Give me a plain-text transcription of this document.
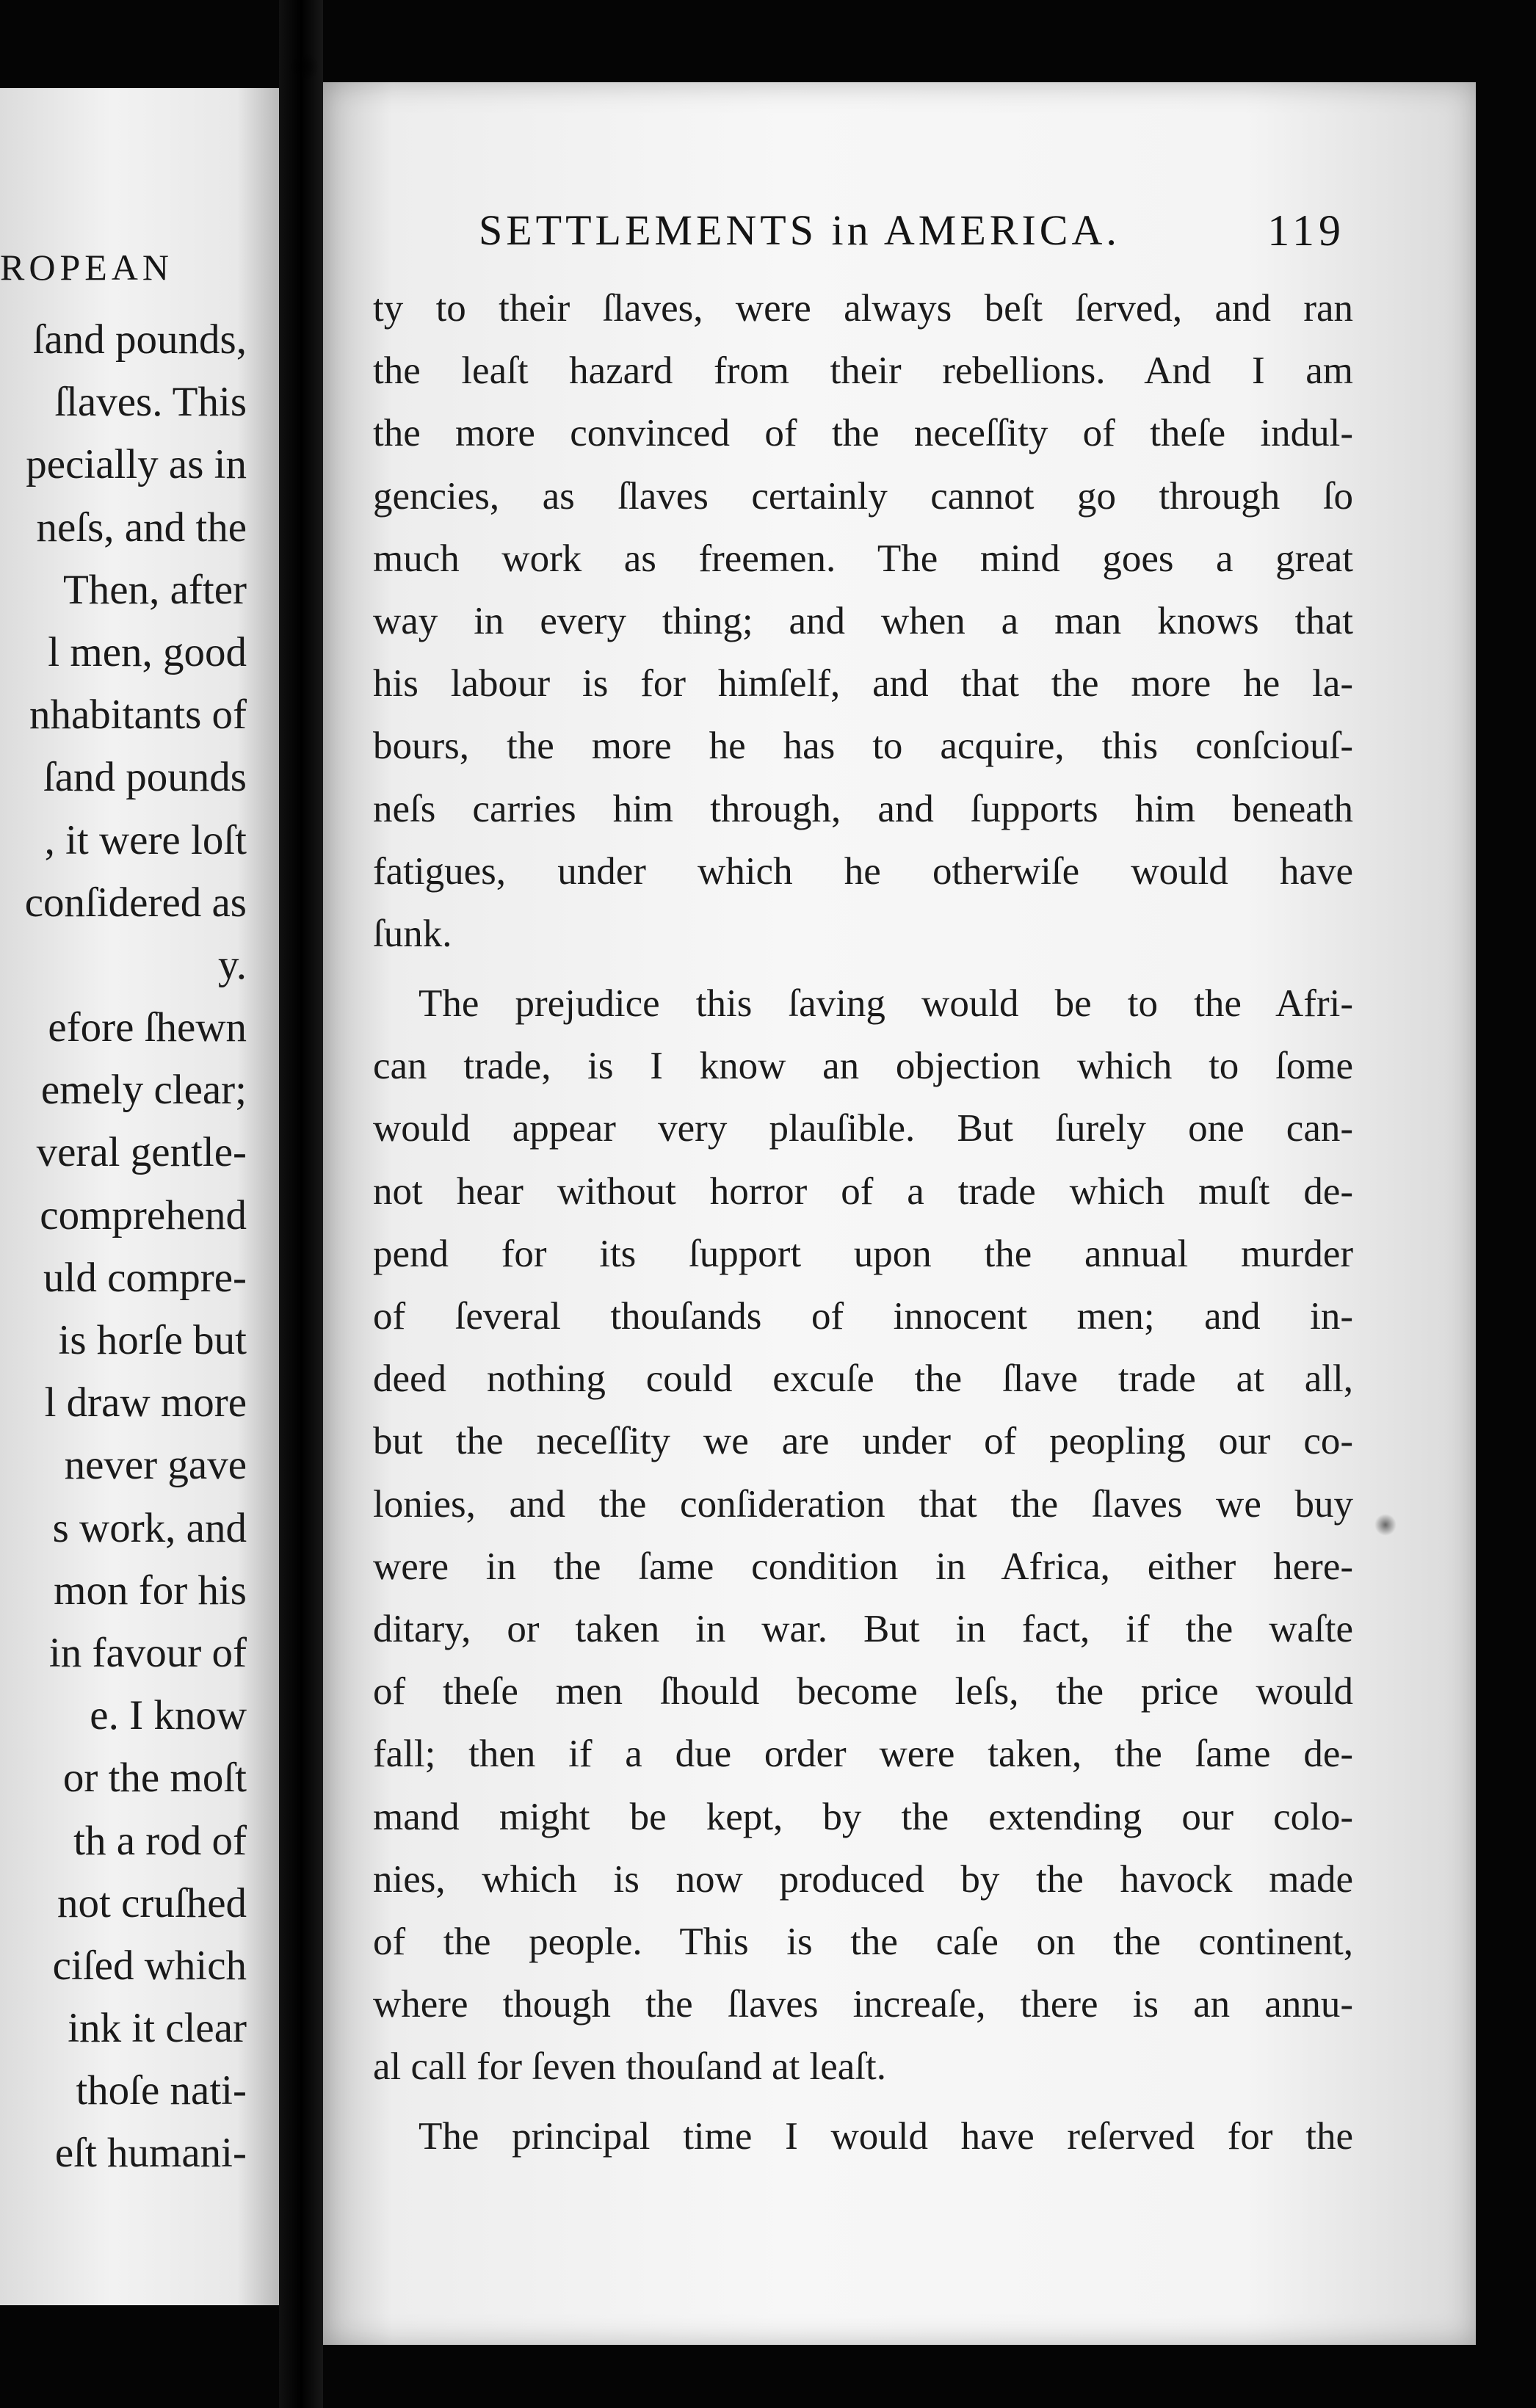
ROPEAN
ſand pounds,
ſlaves. This
pecially as in
neſs, and the
Then, after
l men, good
nhabitants of
ſand pounds
, it were loſt
conſidered as
y.
efore ſhewn
emely clear;
veral gentle-
comprehend
uld compre-
is horſe but
l draw more
never gave
s work, and
mon for his
in favour of
e. I know
or the moſt
th a rod of
not cruſhed
ciſed which
ink it clear
thoſe nati-
eſt humani-
SETTLEMENTS in AMERICA.	119
ty to their ſlaves, were always beſt ſerved, and ran
the leaſt hazard from their rebellions. And I am
the more convinced of the neceſſity of theſe indul-
gencies, as ſlaves certainly cannot go through ſo
much work as freemen. The mind goes a great
way in every thing; and when a man knows that
his labour is for himſelf, and that the more he la-
bours, the more he has to acquire, this conſciouſ-
neſs carries him through, and ſupports him beneath
fatigues, under which he otherwiſe would have
ſunk.
The prejudice this ſaving would be to the Afri-
can trade, is I know an objection which to ſome
would appear very plauſible. But ſurely one can-
not hear without horror of a trade which muſt de-
pend for its ſupport upon the annual murder
of ſeveral thouſands of innocent men; and in-
deed nothing could excuſe the ſlave trade at all,
but the neceſſity we are under of peopling our co-
lonies, and the conſideration that the ſlaves we buy
were in the ſame condition in Africa, either here-
ditary, or taken in war. But in fact, if the waſte
of theſe men ſhould become leſs, the price would
fall; then if a due order were taken, the ſame de-
mand might be kept, by the extending our colo-
nies, which is now produced by the havock made
of the people. This is the caſe on the continent,
where though the ſlaves increaſe, there is an annu-
al call for ſeven thouſand at leaſt.
The principal time I would have reſerved for the
